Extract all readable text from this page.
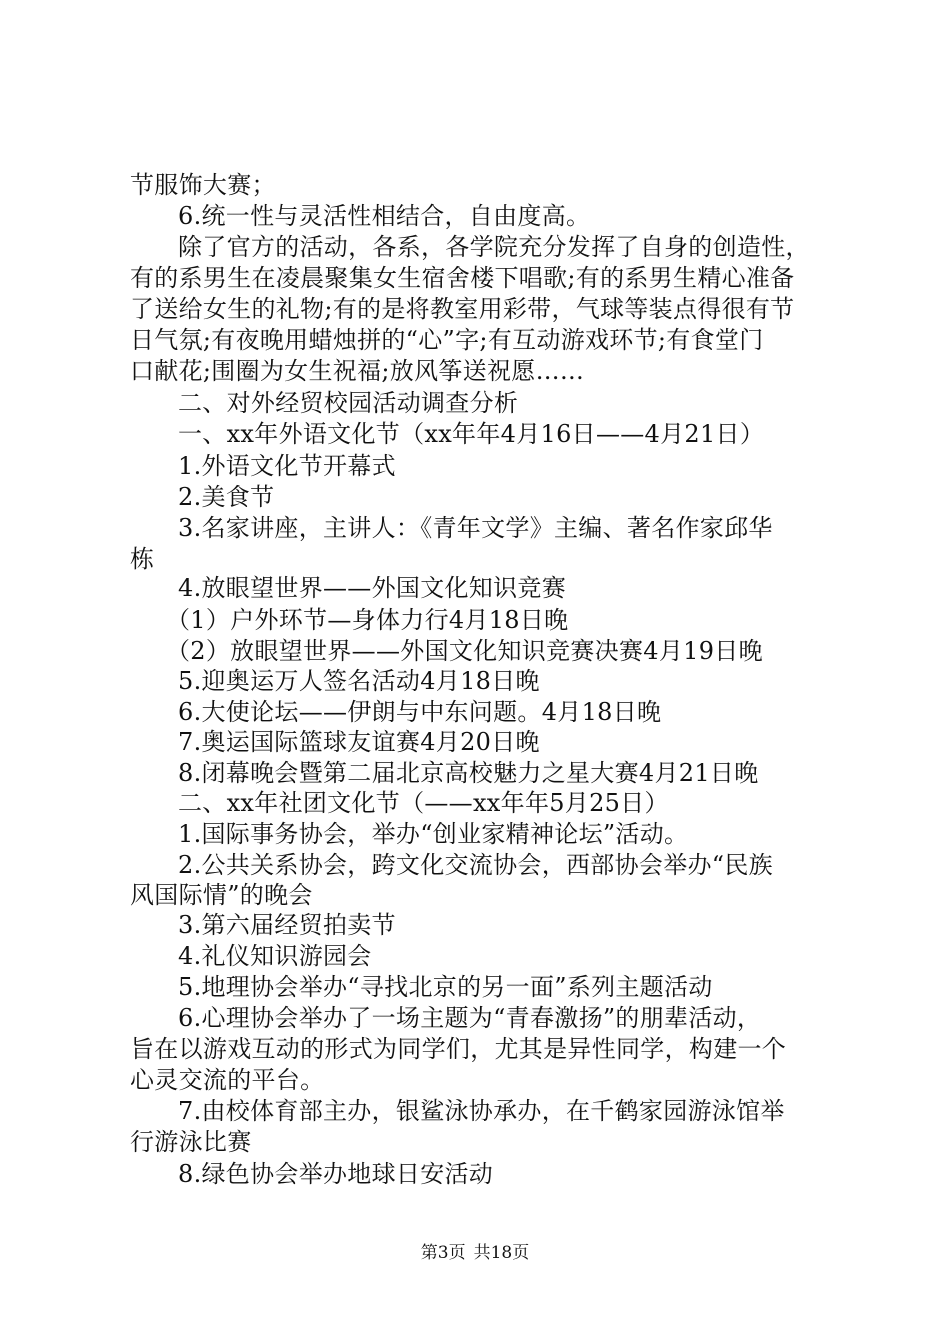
节服饰大赛；
6.统一性与灵活性相结合，自由度高。
除了官方的活动，各系，各学院充分发挥了自身的创造性，
有的系男生在凌晨聚集女生宿舍楼下唱歌;有的系男生精心准备
了送给女生的礼物;有的是将教室用彩带，气球等装点得很有节
日气氛;有夜晚用蜡烛拼的“心”字;有互动游戏环节;有食堂门
口献花;围圈为女生祝福;放风筝送祝愿……
二、对外经贸校园活动调查分析
一、xx年外语文化节（xx年年4月16日——4月21日）
1.外语文化节开幕式
2.美食节
3.名家讲座，主讲人：《青年文学》主编、著名作家邱华
栋
4.放眼望世界——外国文化知识竞赛
（1）户外环节—身体力行4月18日晚
（2）放眼望世界——外国文化知识竞赛决赛4月19日晚
5.迎奥运万人签名活动4月18日晚
6.大使论坛——伊朗与中东问题。4月18日晚
7.奥运国际篮球友谊赛4月20日晚
8.闭幕晚会暨第二届北京高校魅力之星大赛4月21日晚
二、xx年社团文化节（——xx年年5月25日）
1.国际事务协会，举办“创业家精神论坛”活动。
2.公共关系协会，跨文化交流协会，西部协会举办“民族
风国际情”的晚会
3.第六届经贸拍卖节
4.礼仪知识游园会
5.地理协会举办“寻找北京的另一面”系列主题活动
6.心理协会举办了一场主题为“青春激扬”的朋辈活动，
旨在以游戏互动的形式为同学们，尤其是异性同学，构建一个
心灵交流的平台。
7.由校体育部主办，银鲨泳协承办，在千鹤家园游泳馆举
行游泳比赛
8.绿色协会举办地球日安活动
第3页 共18页
